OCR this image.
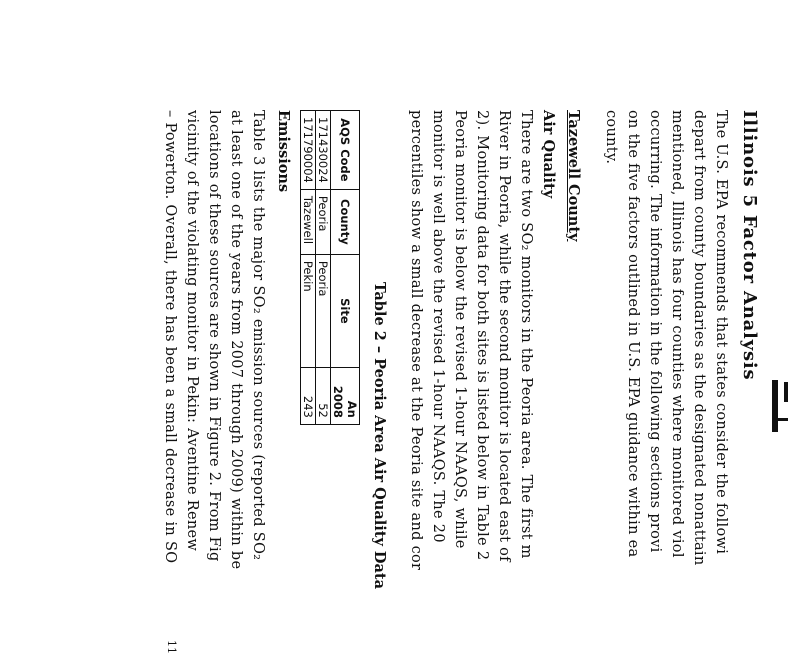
Illinois 5 Factor Analysis
The U.S. EPA recommends that states consider the followi
depart from county boundaries as the designated nonattain
mentioned, Illinois has four counties where monitored viol
occurring. The information in the following sections provi
on the five factors outlined in U.S. EPA guidance within ea
county.
Tazewell County
Air Quality
There are two SO₂ monitors in the Peoria area. The first m
River in Peoria, while the second monitor is located east of
2). Monitoring data for both sites is listed below in Table 2
Peoria monitor is below the revised 1-hour NAAQS, while
monitor is well above the revised 1-hour NAAQS. The 20
percentiles show a small decrease at the Peoria site and cor
Table 2 – Peoria Area Air Quality Data
AQS Code	County	Site	An
2008
171430024	Peoria	Peoria	52
171790004	Tazewell	Pekin	243
Emissions
Table 3 lists the major SO₂ emission sources (reported SO₂
at least one of the years from 2007 through 2009) within be
locations of these sources are shown in Figure 2. From Fig
vicinity of the violating monitor in Pekin: Aventine Renew
– Powerton. Overall, there has been a small decrease in SO
11
